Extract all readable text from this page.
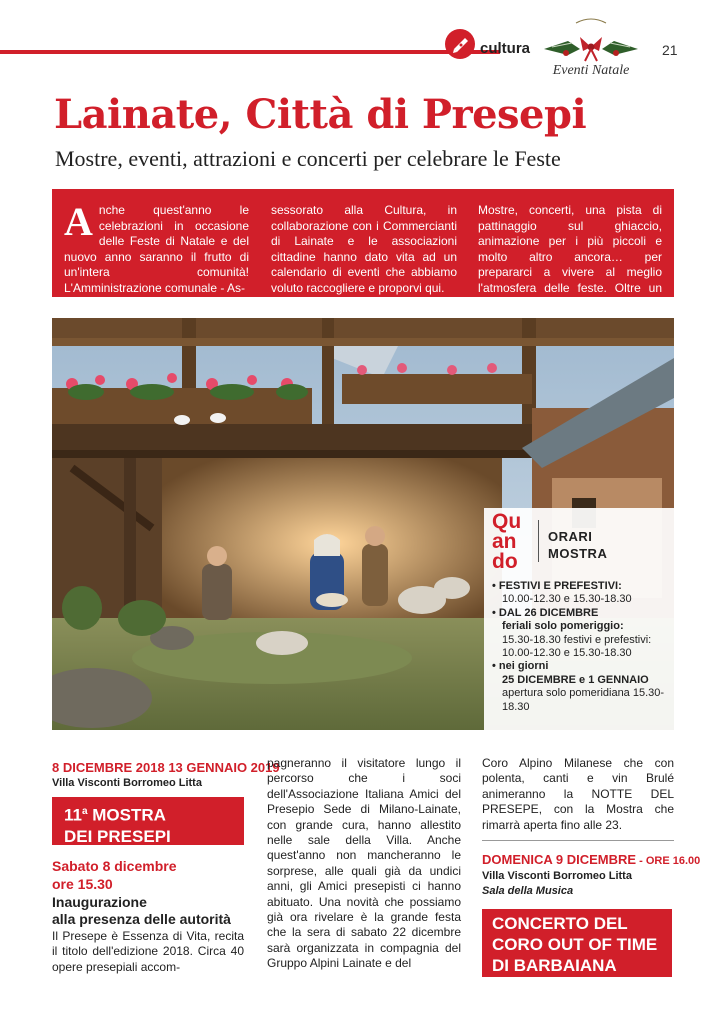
cultura
Eventi Natale
21
Lainate, Città di Presepi
Mostre, eventi, attrazioni e concerti per celebrare le Feste
Anche quest'anno le celebrazioni in occasione delle Feste di Natale e del nuovo anno saranno il frutto di un'intera comunità! L'Amministrazione comunale - As-
sessorato alla Cultura, in collaborazione con i Commercianti di Lainate e le associazioni cittadine hanno dato vita ad un calendario di eventi che abbiamo voluto raccogliere e proporvi qui.
Mostre, concerti, una pista di pattinaggio sul ghiaccio, animazione per i più piccoli e molto altro ancora… per prepararci a vivere al meglio l'atmosfera delle feste. Oltre un mese di iniziative da non perdere!
Qu
an
do
ORARI
MOSTRA
• FESTIVI E PREFESTIVI:
10.00-12.30 e 15.30-18.30
• DAL 26 DICEMBRE
feriali solo pomeriggio:
15.30-18.30 festivi e prefestivi: 10.00-12.30 e 15.30-18.30
• nei giorni
25 DICEMBRE e 1 GENNAIO
apertura solo pomeridiana 15.30-18.30
8 DICEMBRE 2018 13 GENNAIO 2019
Villa Visconti Borromeo Litta
11$^a$ MOSTRA
DEI PRESEPI
Sabato 8 dicembre
ore 15.30
Inaugurazione
alla presenza delle autorità
Il Presepe è Essenza di Vita, recita il titolo dell'edizione 2018. Circa 40 opere presepiali accom-
pagneranno il visitatore lungo il percorso che i soci dell'Associazione Italiana Amici del Presepio Sede di Milano-Lainate, con grande cura, hanno allestito nelle sale della Villa. Anche quest'anno non mancheranno le sorprese, alle quali già da undici anni, gli Amici presepisti ci hanno abituato. Una novità che possiamo già ora rivelare è la grande festa che la sera di sabato 22 dicembre sarà organizzata in compagnia del Gruppo Alpini Lainate e del
Coro Alpino Milanese che con polenta, canti e vin Brulé animeranno la NOTTE DEL PRESEPE, con la Mostra che rimarrà aperta fino alle 23.
DOMENICA 9 DICEMBRE - ORE 16.00
Villa Visconti Borromeo Litta
Sala della Musica
CONCERTO DEL
CORO OUT OF TIME
DI BARBAIANA
